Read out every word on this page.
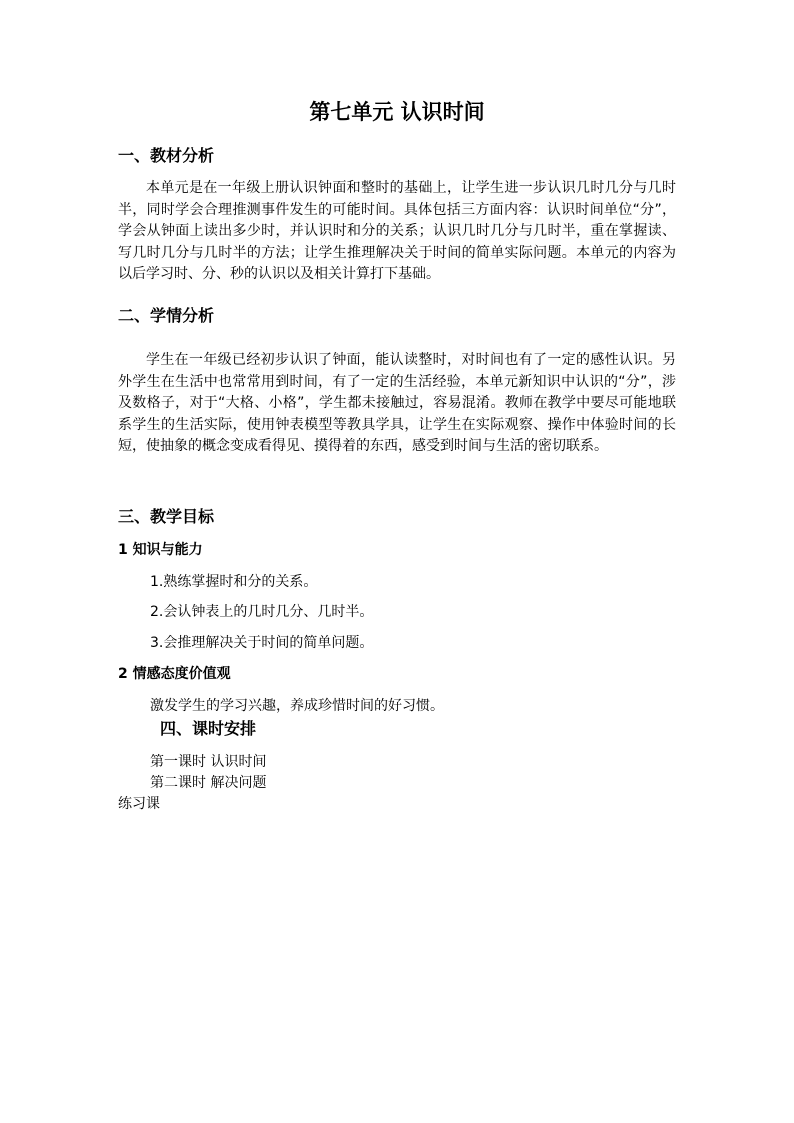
第七单元 认识时间
一、教材分析
本单元是在一年级上册认识钟面和整时的基础上，让学生进一步认识几时几分与几时半，同时学会合理推测事件发生的可能时间。具体包括三方面内容：认识时间单位“分”，学会从钟面上读出多少时，并认识时和分的关系；认识几时几分与几时半，重在掌握读、写几时几分与几时半的方法；让学生推理解决关于时间的简单实际问题。本单元的内容为以后学习时、分、秒的认识以及相关计算打下基础。
二、学情分析
学生在一年级已经初步认识了钟面，能认读整时，对时间也有了一定的感性认识。另外学生在生活中也常常用到时间，有了一定的生活经验，本单元新知识中认识的“分”，涉及数格子，对于“大格、小格”，学生都未接触过，容易混淆。教师在教学中要尽可能地联系学生的生活实际，使用钟表模型等教具学具，让学生在实际观察、操作中体验时间的长短，使抽象的概念变成看得见、摸得着的东西，感受到时间与生活的密切联系。
三、教学目标
1 知识与能力
1.熟练掌握时和分的关系。
2.会认钟表上的几时几分、几时半。
3.会推理解决关于时间的简单问题。
2 情感态度价值观
激发学生的学习兴趣，养成珍惜时间的好习惯。
四、课时安排
第一课时 认识时间
第二课时 解决问题
练习课
